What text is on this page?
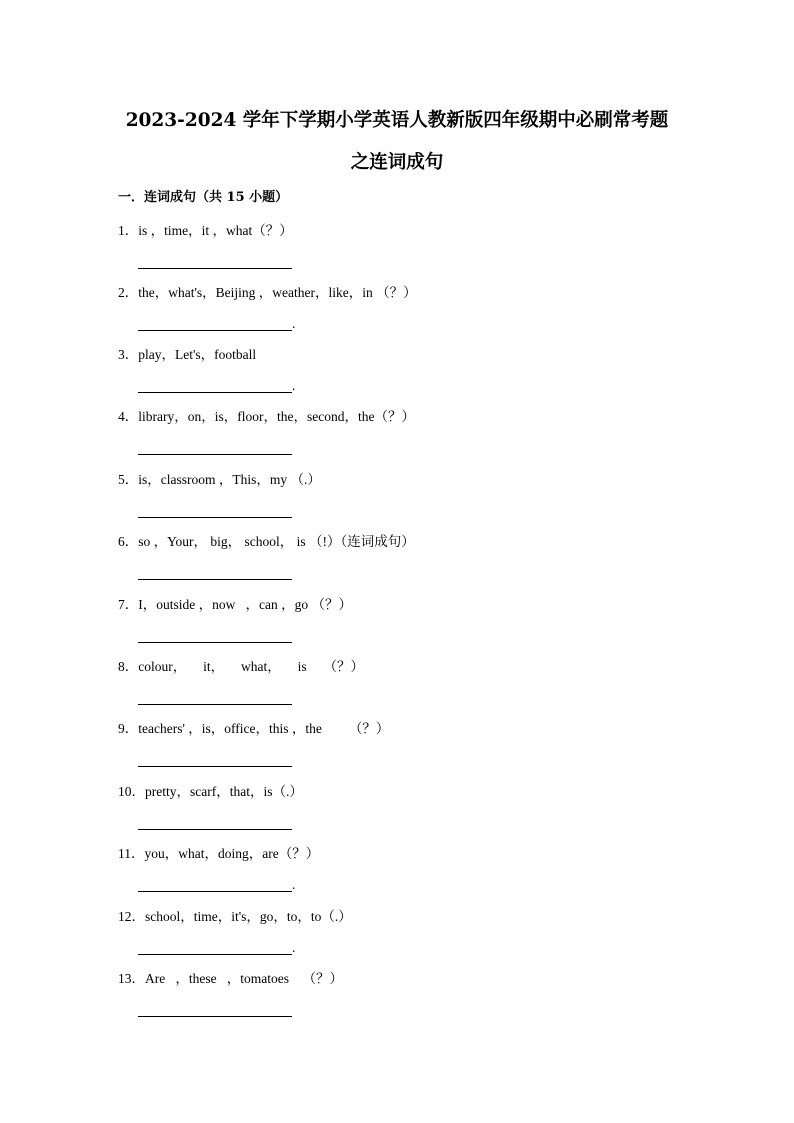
2023-2024 学年下学期小学英语人教新版四年级期中必刷常考题
之连词成句
一．连词成句（共 15 小题）
1．is ，time，it ，what（？）
2．the，what's，Beijing ，weather，like，in （？）
.
3．play，Let's，football
.
4．library，on，is，floor，the，second，the（？）
5．is，classroom ，This，my （.）
6．so ，Your， big， school， is （!）（连词成句）
7．I，outside ，now   ，can ，go （？）
8．colour，     it，     what，     is     （？）
9．teachers' ，is，office，this ，the        （？）
10．pretty，scarf，that，is（.）
11．you，what，doing，are（？）
.
12．school，time，it's，go，to，to（.）
.
13．Are   ，these   ，tomatoes    （？）
